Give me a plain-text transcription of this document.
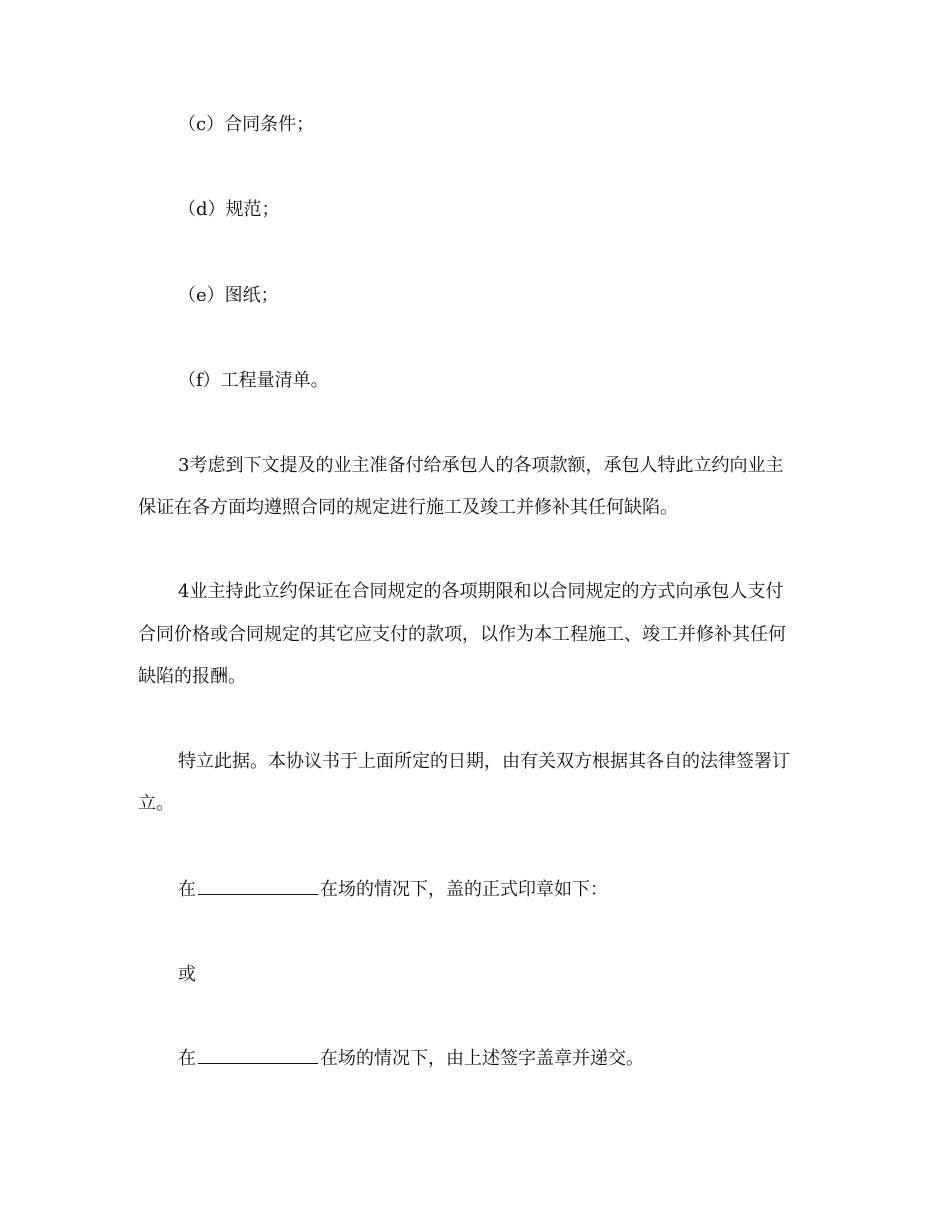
（c）合同条件；
（d）规范；
（e）图纸；
（f）工程量清单。
3考虑到下文提及的业主准备付给承包人的各项款额，承包人特此立约向业主
保证在各方面均遵照合同的规定进行施工及竣工并修补其任何缺陷。
4业主持此立约保证在合同规定的各项期限和以合同规定的方式向承包人支付
合同价格或合同规定的其它应支付的款项，以作为本工程施工、竣工并修补其任何
缺陷的报酬。
特立此据。本协议书于上面所定的日期，由有关双方根据其各自的法律签署订
立。
在	在场的情况下，盖的正式印章如下：
或
在	在场的情况下，由上述签字盖章并递交。
